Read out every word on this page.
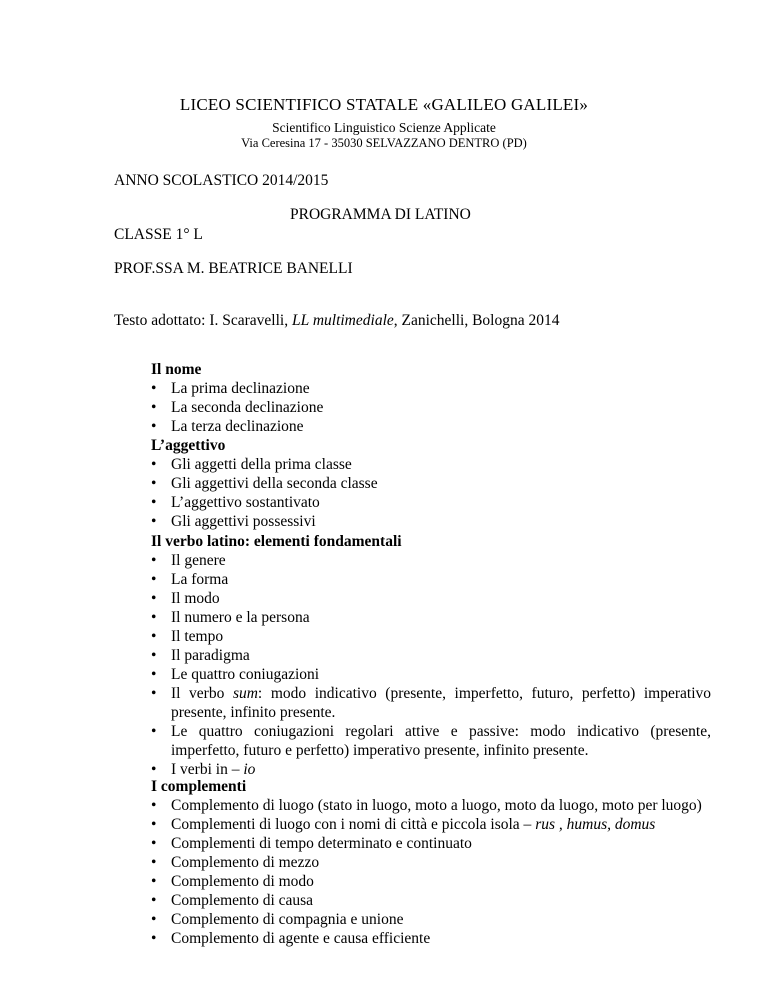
LICEO SCIENTIFICO STATALE «GALILEO GALILEI»
Scientifico Linguistico Scienze Applicate
Via Ceresina 17 - 35030 SELVAZZANO DENTRO (PD)
ANNO SCOLASTICO 2014/2015
PROGRAMMA DI LATINO
CLASSE 1° L
PROF.SSA M. BEATRICE BANELLI
Testo adottato: I. Scaravelli, LL multimediale, Zanichelli, Bologna 2014
Il nome
• La prima declinazione
• La seconda declinazione
• La terza declinazione
L’aggettivo
• Gli aggetti della prima classe
• Gli aggettivi della seconda classe
• L’aggettivo sostantivato
• Gli aggettivi possessivi
Il verbo latino: elementi fondamentali
• Il genere
• La forma
• Il modo
• Il numero e la persona
• Il tempo
• Il paradigma
• Le quattro coniugazioni
• Il verbo sum: modo indicativo (presente, imperfetto, futuro, perfetto) imperativo presente, infinito presente.
• Le quattro coniugazioni regolari attive e passive: modo indicativo (presente, imperfetto, futuro e perfetto) imperativo presente, infinito presente.
• I verbi in – io
I complementi
• Complemento di luogo (stato in luogo, moto a luogo, moto da luogo, moto per luogo)
• Complementi di luogo con i nomi di città e piccola isola – rus , humus, domus
• Complementi di tempo determinato e continuato
• Complemento di mezzo
• Complemento di modo
• Complemento di causa
• Complemento di compagnia e unione
• Complemento di agente e causa efficiente
